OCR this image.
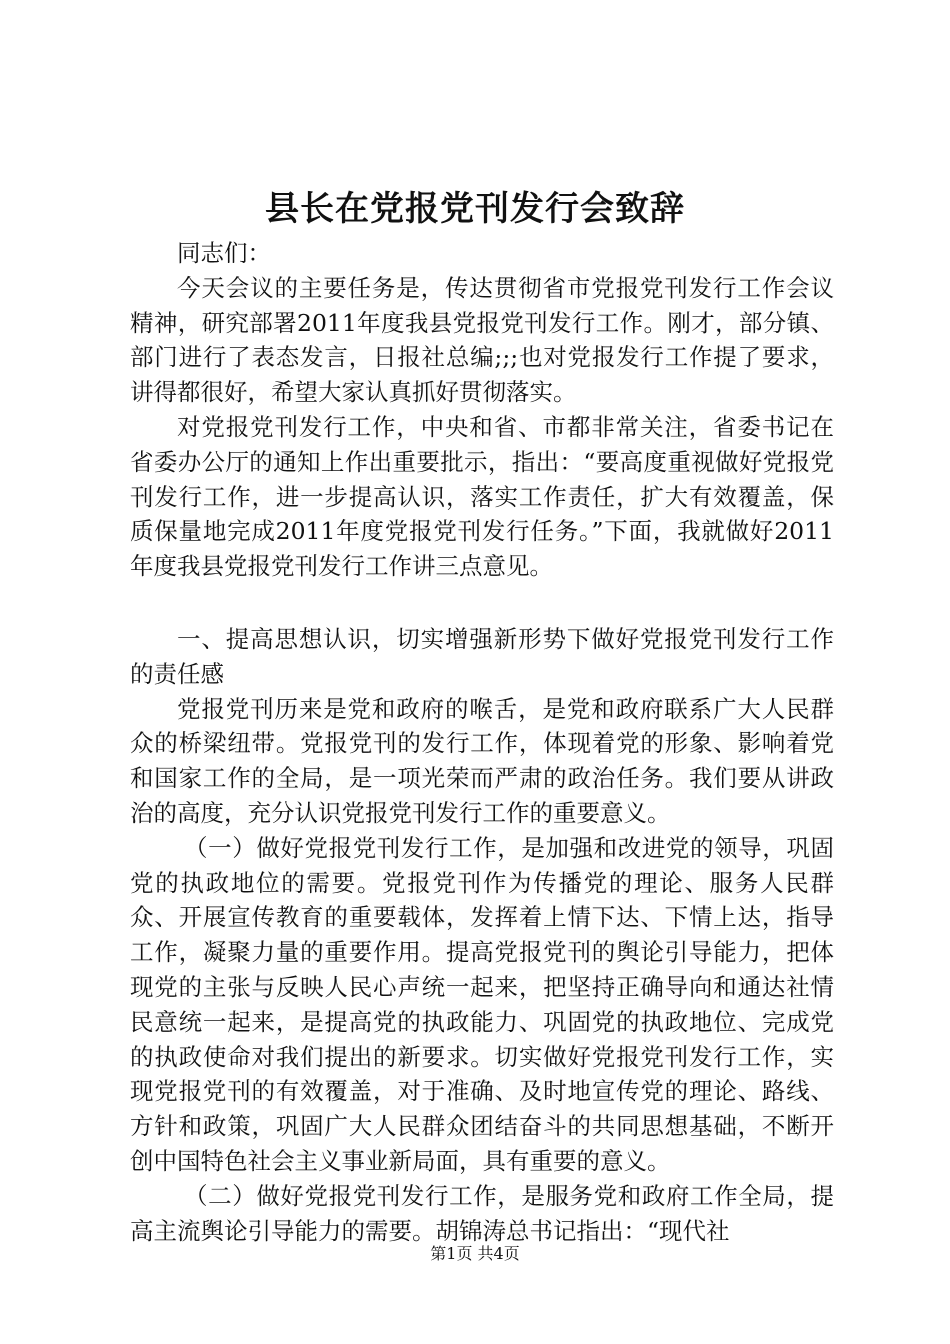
县长在党报党刊发行会致辞

同志们：

今天会议的主要任务是，传达贯彻省市党报党刊发行工作会议精神，研究部署2011年度我县党报党刊发行工作。刚才，部分镇、部门进行了表态发言，日报社总编;;;也对党报发行工作提了要求，讲得都很好，希望大家认真抓好贯彻落实。

对党报党刊发行工作，中央和省、市都非常关注，省委书记在省委办公厅的通知上作出重要批示，指出：“要高度重视做好党报党刊发行工作，进一步提高认识，落实工作责任，扩大有效覆盖，保质保量地完成2011年度党报党刊发行任务。”下面，我就做好2011年度我县党报党刊发行工作讲三点意见。

一、提高思想认识，切实增强新形势下做好党报党刊发行工作的责任感

党报党刊历来是党和政府的喉舌，是党和政府联系广大人民群众的桥梁纽带。党报党刊的发行工作，体现着党的形象、影响着党和国家工作的全局，是一项光荣而严肃的政治任务。我们要从讲政治的高度，充分认识党报党刊发行工作的重要意义。

（一）做好党报党刊发行工作，是加强和改进党的领导，巩固党的执政地位的需要。党报党刊作为传播党的理论、服务人民群众、开展宣传教育的重要载体，发挥着上情下达、下情上达，指导工作，凝聚力量的重要作用。提高党报党刊的舆论引导能力，把体现党的主张与反映人民心声统一起来，把坚持正确导向和通达社情民意统一起来，是提高党的执政能力、巩固党的执政地位、完成党的执政使命对我们提出的新要求。切实做好党报党刊发行工作，实现党报党刊的有效覆盖，对于准确、及时地宣传党的理论、路线、方针和政策，巩固广大人民群众团结奋斗的共同思想基础，不断开创中国特色社会主义事业新局面，具有重要的意义。

（二）做好党报党刊发行工作，是服务党和政府工作全局，提高主流舆论引导能力的需要。胡锦涛总书记指出：“现代社

第1页 共4页
